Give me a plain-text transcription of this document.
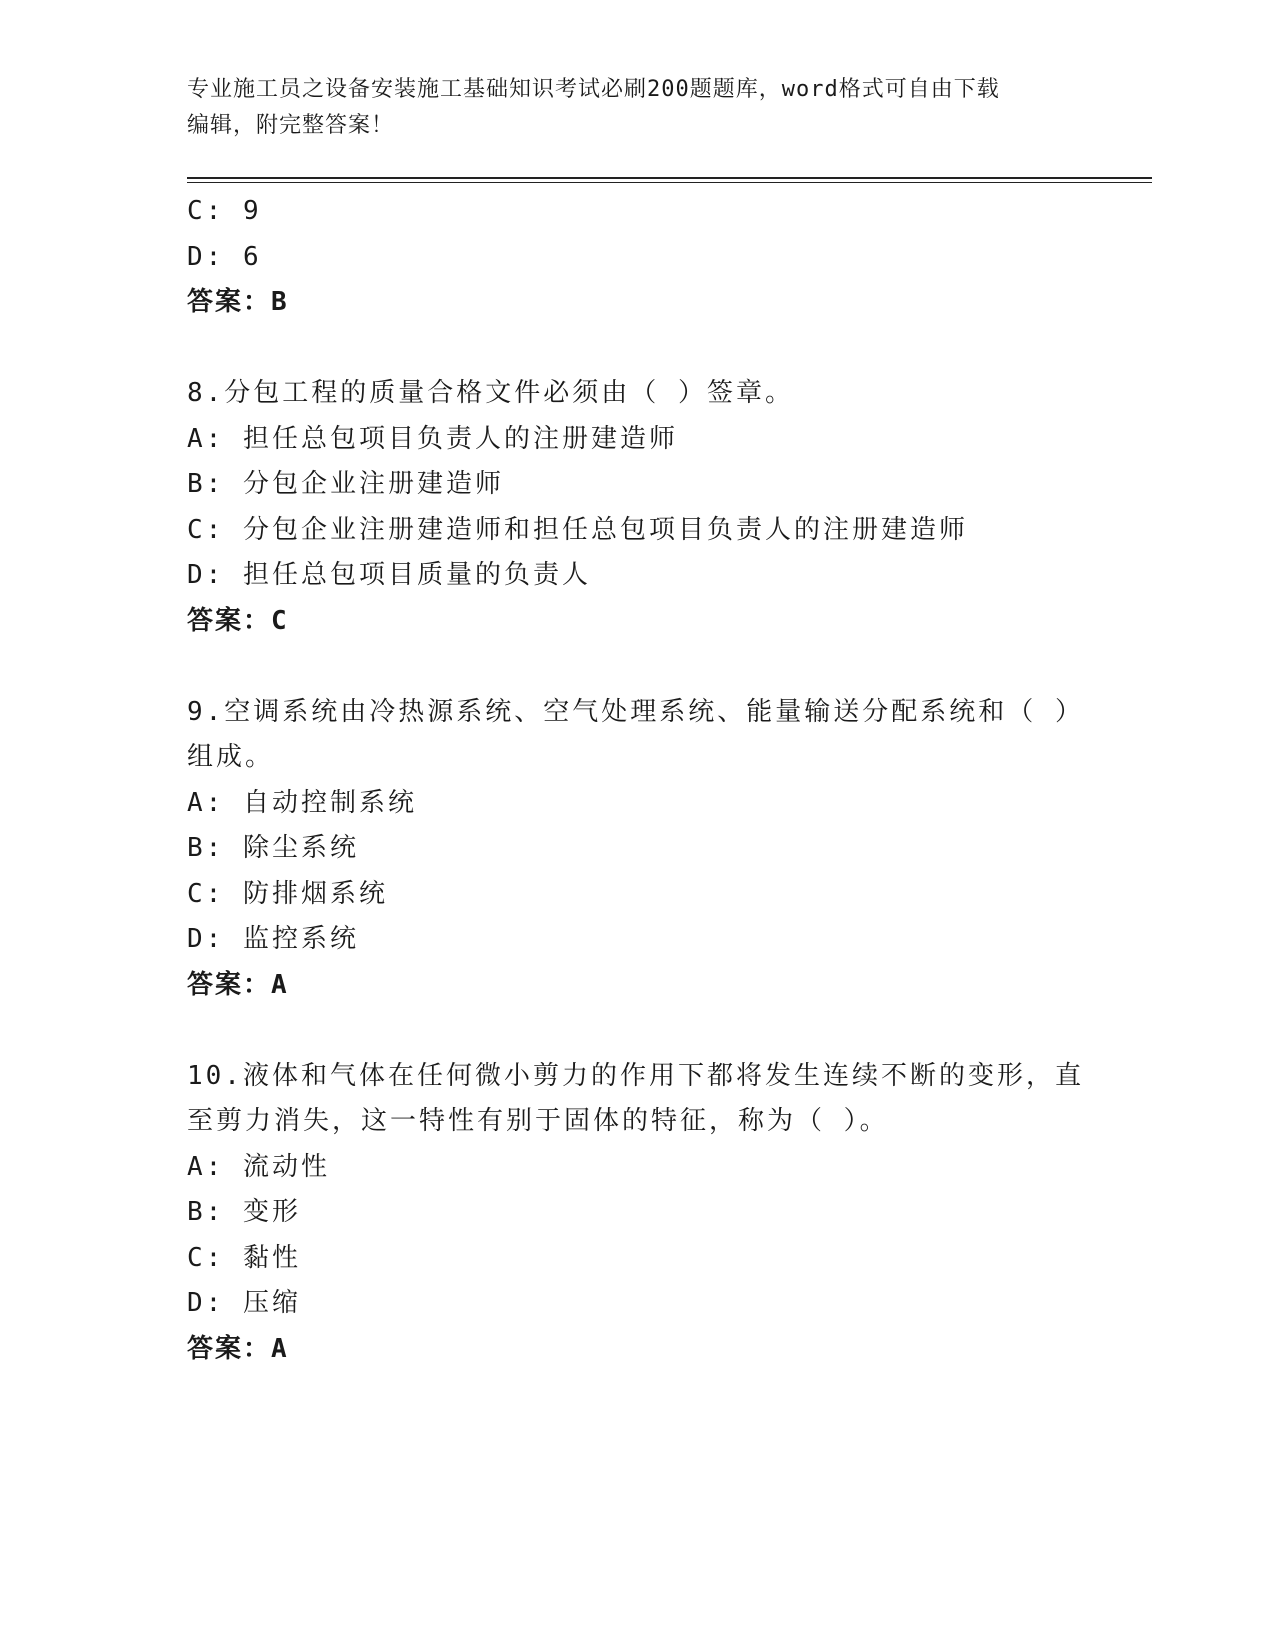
专业施工员之设备安装施工基础知识考试必刷200题题库，word格式可自由下载
编辑，附完整答案！
C: 9
D: 6
答案：B
8.分包工程的质量合格文件必须由（ ）签章。
A: 担任总包项目负责人的注册建造师
B: 分包企业注册建造师
C: 分包企业注册建造师和担任总包项目负责人的注册建造师
D: 担任总包项目质量的负责人
答案：C
9.空调系统由冷热源系统、空气处理系统、能量输送分配系统和（ ）
组成。
A: 自动控制系统
B: 除尘系统
C: 防排烟系统
D: 监控系统
答案：A
10.液体和气体在任何微小剪力的作用下都将发生连续不断的变形，直
至剪力消失，这一特性有别于固体的特征，称为（ ）。
A: 流动性
B: 变形
C: 黏性
D: 压缩
答案：A
